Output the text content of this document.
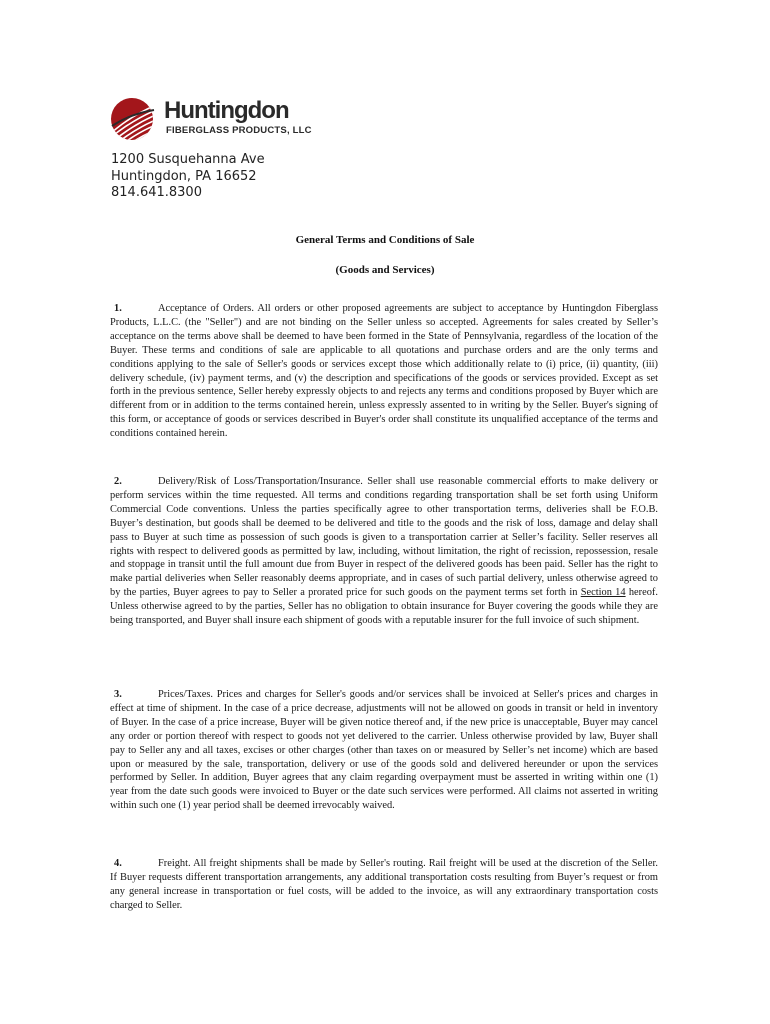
Huntingdon
FIBERGLASS PRODUCTS, LLC
1200 Susquehanna Ave
Huntingdon, PA 16652
814.641.8300
General Terms and Conditions of Sale
(Goods and Services)
1.	Acceptance of Orders. All orders or other proposed agreements are subject to acceptance by Huntingdon Fiberglass Products, L.L.C. (the "Seller") and are not binding on the Seller unless so accepted. Agreements for sales created by Seller’s acceptance on the terms above shall be deemed to have been formed in the State of Pennsylvania, regardless of the location of the Buyer. These terms and conditions of sale are applicable to all quotations and purchase orders and are the only terms and conditions applying to the sale of Seller's goods or services except those which additionally relate to (i) price, (ii) quantity, (iii) delivery schedule, (iv) payment terms, and (v) the description and specifications of the goods or services provided. Except as set forth in the previous sentence, Seller hereby expressly objects to and rejects any terms and conditions proposed by Buyer which are different from or in addition to the terms contained herein, unless expressly assented to in writing by the Seller. Buyer's signing of this form, or acceptance of goods or services described in Buyer's order shall constitute its unqualified acceptance of the terms and conditions contained herein.
2.	Delivery/Risk of Loss/Transportation/Insurance. Seller shall use reasonable commercial efforts to make delivery or perform services within the time requested. All terms and conditions regarding transportation shall be set forth using Uniform Commercial Code conventions. Unless the parties specifically agree to other transportation terms, deliveries shall be F.O.B. Buyer’s destination, but goods shall be deemed to be delivered and title to the goods and the risk of loss, damage and delay shall pass to Buyer at such time as possession of such goods is given to a transportation carrier at Seller’s facility. Seller reserves all rights with respect to delivered goods as permitted by law, including, without limitation, the right of recission, repossession, resale and stoppage in transit until the full amount due from Buyer in respect of the delivered goods has been paid. Seller has the right to make partial deliveries when Seller reasonably deems appropriate, and in cases of such partial delivery, unless otherwise agreed to by the parties, Buyer agrees to pay to Seller a prorated price for such goods on the payment terms set forth in Section 14 hereof. Unless otherwise agreed to by the parties, Seller has no obligation to obtain insurance for Buyer covering the goods while they are being transported, and Buyer shall insure each shipment of goods with a reputable insurer for the full invoice of such shipment.
3.	Prices/Taxes. Prices and charges for Seller's goods and/or services shall be invoiced at Seller's prices and charges in effect at time of shipment. In the case of a price decrease, adjustments will not be allowed on goods in transit or held in inventory of Buyer. In the case of a price increase, Buyer will be given notice thereof and, if the new price is unacceptable, Buyer may cancel any order or portion thereof with respect to goods not yet delivered to the carrier. Unless otherwise provided by law, Buyer shall pay to Seller any and all taxes, excises or other charges (other than taxes on or measured by Seller’s net income) which are based upon or measured by the sale, transportation, delivery or use of the goods sold and delivered hereunder or upon the services performed by Seller. In addition, Buyer agrees that any claim regarding overpayment must be asserted in writing within one (1) year from the date such goods were invoiced to Buyer or the date such services were performed. All claims not asserted in writing within such one (1) year period shall be deemed irrevocably waived.
4.	Freight. All freight shipments shall be made by Seller's routing. Rail freight will be used at the discretion of the Seller. If Buyer requests different transportation arrangements, any additional transportation costs resulting from Buyer’s request or from any general increase in transportation or fuel costs, will be added to the invoice, as will any extraordinary transportation costs charged to Seller.
